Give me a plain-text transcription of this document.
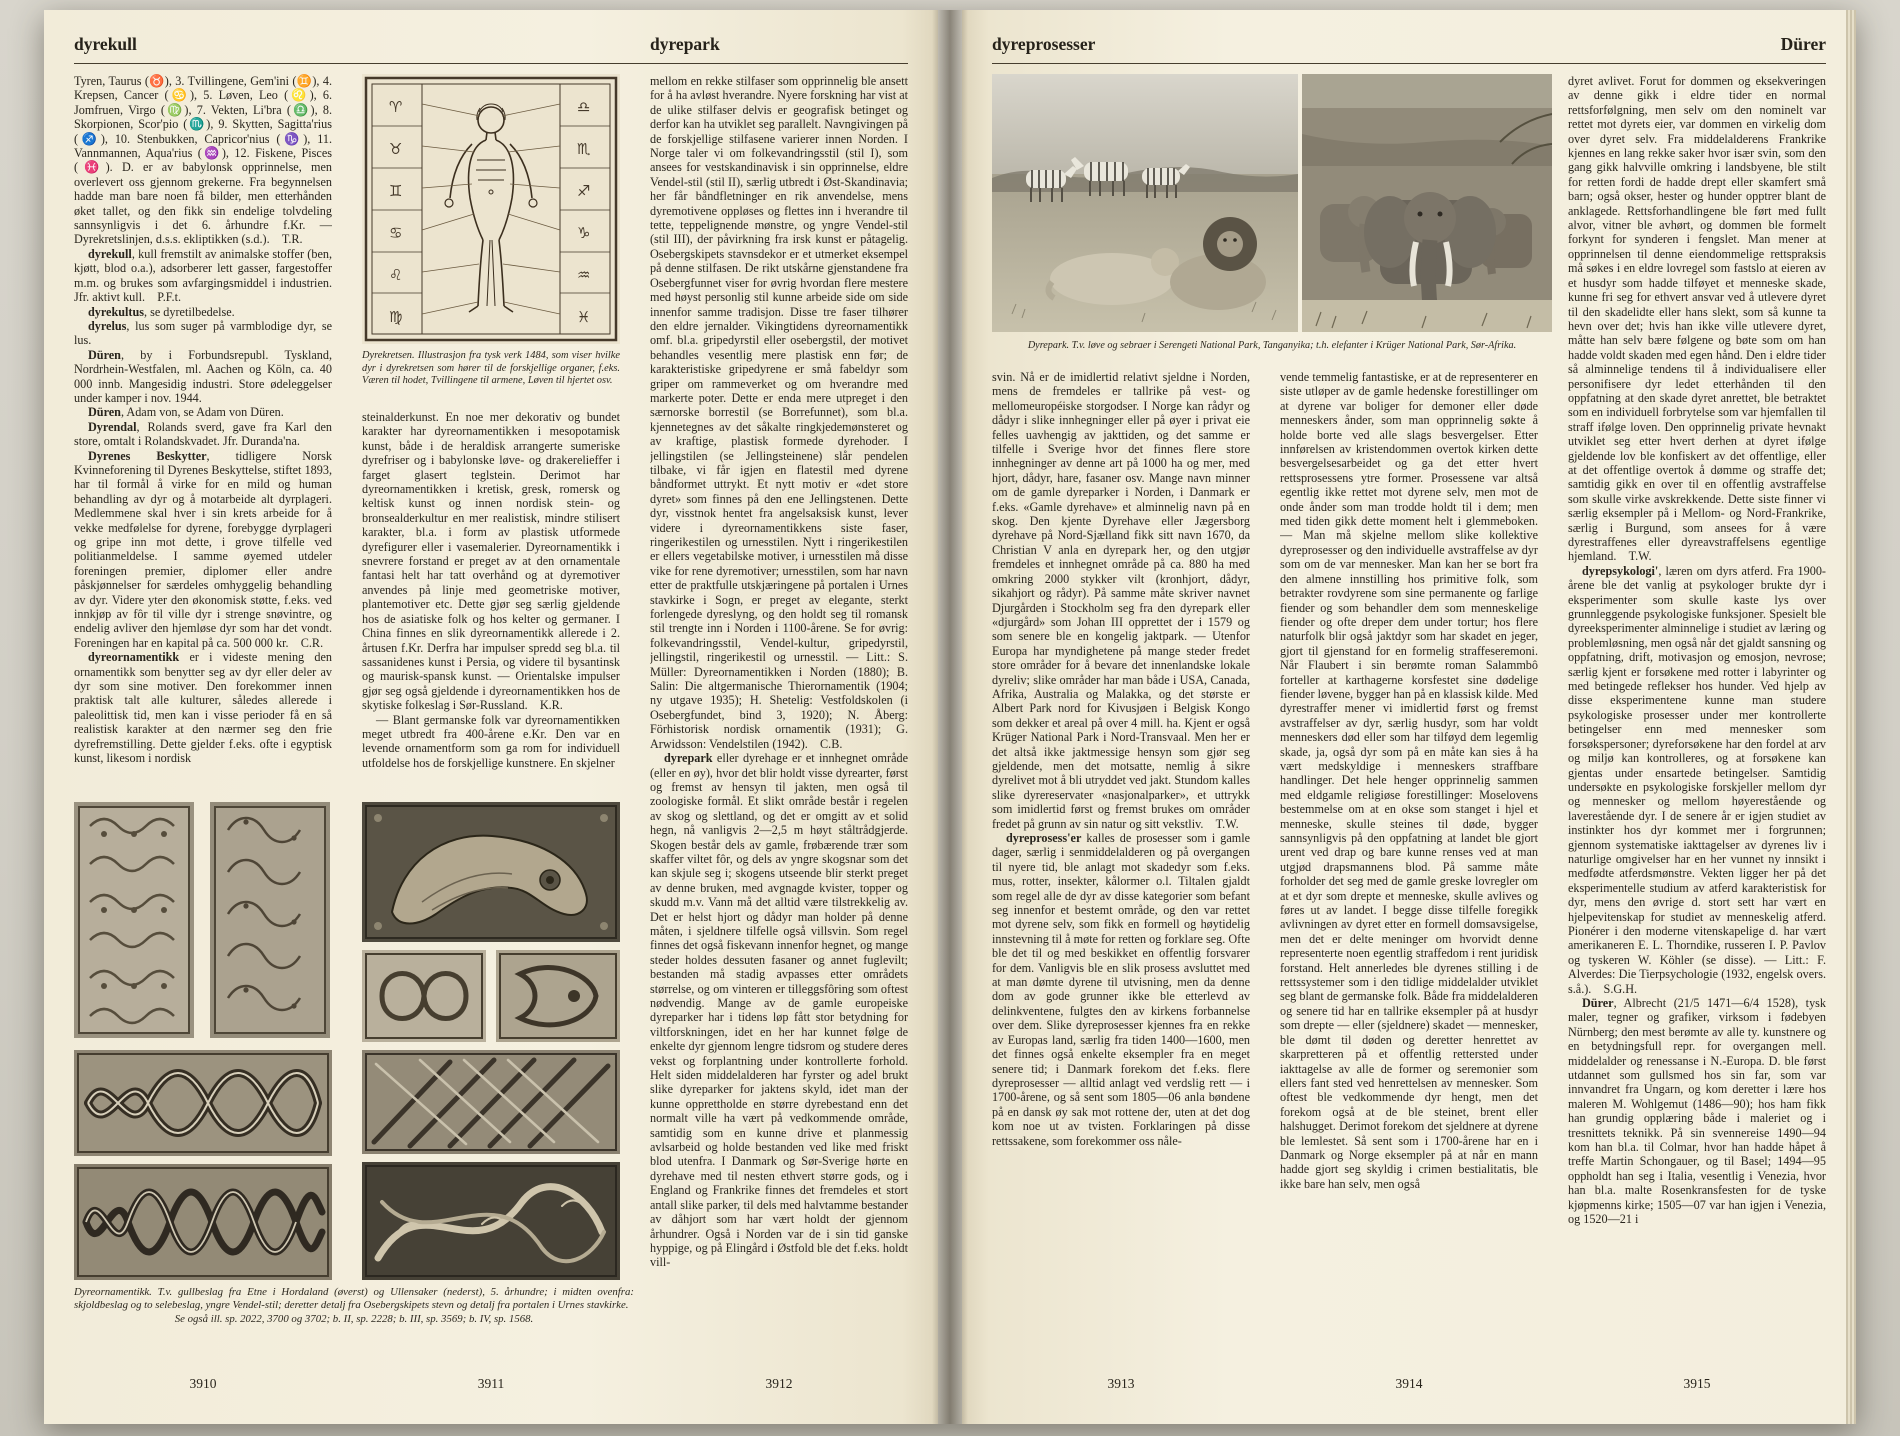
dyrekull	dyrepark

Tyren, Taurus (♉), 3. Tvillingene, Gem'ini (♊), 4. Krepsen, Cancer (♋), 5. Løven, Leo (♌), 6. Jomfruen, Virgo (♍), 7. Vekten, Li'bra (♎), 8. Skorpionen, Scor'pio (♏), 9. Skytten, Sagitta'rius (♐), 10. Stenbukken, Capricor'nius (♑), 11. Vannmannen, Aqua'rius (♒), 12. Fiskene, Pisces (♓). D. er av babylonsk opprinnelse, men overlevert oss gjennom grekerne. Fra begynnelsen hadde man bare noen få bilder, men etterhånden øket tallet, og den fikk sin endelige tolvdeling sannsynligvis i det 6. århundre f.Kr. — Dyrekretslinjen, d.s.s. ekliptikken (s.d.). T.R.

dyrekull, kull fremstilt av animalske stoffer (ben, kjøtt, blod o.a.), adsorberer lett gasser, fargestoffer m.m. og brukes som avfargingsmiddel i industrien. Jfr. aktivt kull. P.F.t.

dyrekultus, se dyretilbedelse.

dyrelus, lus som suger på varmblodige dyr, se lus.

Düren, by i Forbundsrepubl. Tyskland, Nordrhein-Westfalen, ml. Aachen og Köln, ca. 40 000 innb. Mangesidig industri. Store ødeleggelser under kamper i nov. 1944.

Düren, Adam von, se Adam von Düren.

Dyrendal, Rolands sverd, gave fra Karl den store, omtalt i Rolandskvadet. Jfr. Duranda'na.

Dyrenes Beskytter, tidligere Norsk Kvinneforening til Dyrenes Beskyttelse, stiftet 1893, har til formål å virke for en mild og human behandling av dyr og å motarbeide alt dyrplageri. Medlemmene skal hver i sin krets arbeide for å vekke medfølelse for dyrene, forebygge dyrplageri og gripe inn mot dette, i grove tilfelle ved politianmeldelse. I samme øyemed utdeler foreningen premier, diplomer eller andre påskjønnelser for særdeles omhyggelig behandling av dyr. Videre yter den økonomisk støtte, f.eks. ved innkjøp av fôr til ville dyr i strenge snøvintre, og endelig avliver den hjemløse dyr som har det vondt. Foreningen har en kapital på ca. 500 000 kr. C.R.

dyreornamentikk er i videste mening den ornamentikk som benytter seg av dyr eller deler av dyr som sine motiver. Den forekommer innen praktisk talt alle kulturer, således allerede i paleolittisk tid, men kan i visse perioder få en så realistisk karakter at den nærmer seg den frie dyrefremstilling. Dette gjelder f.eks. ofte i egyptisk kunst, likesom i nordisk

♈
♉
♊
♋
♌
♍
♎
♏
♐
♑
♒
♓
Dyrekretsen. Illustrasjon fra tysk verk 1484, som viser hvilke dyr i dyrekretsen som hører til de forskjellige organer, f.eks. Væren til hodet, Tvillingene til armene, Løven til hjertet osv.

steinalderkunst. En noe mer dekorativ og bundet karakter har dyreornamentikken i mesopotamisk kunst, både i de heraldisk arrangerte sumeriske dyrefriser og i babylonske løve- og drakerelieffer i farget glasert teglstein. Derimot har dyreornamentikken i kretisk, gresk, romersk og keltisk kunst og innen nordisk stein- og bronsealderkultur en mer realistisk, mindre stilisert karakter, bl.a. i form av plastisk utformede dyrefigurer eller i vasemalerier. Dyreornamentikk i snevrere forstand er preget av at den ornamentale fantasi helt har tatt overhånd og at dyremotiver anvendes på linje med geometriske motiver, plantemotiver etc. Dette gjør seg særlig gjeldende hos de asiatiske folk og hos kelter og germaner. I China finnes en slik dyreornamentikk allerede i 2. årtusen f.Kr. Derfra har impulser spredd seg bl.a. til sassanidenes kunst i Persia, og videre til bysantinsk og maurisk-spansk kunst. — Orientalske impulser gjør seg også gjeldende i dyreornamentikken hos de skytiske folkeslag i Sør-Russland. K.R.

— Blant germanske folk var dyreornamentikken meget utbredt fra 400-årene e.Kr. Den var en levende ornamentform som ga rom for individuell utfoldelse hos de forskjellige kunstnere. En skjelner

mellom en rekke stilfaser som opprinnelig ble ansett for å ha avløst hverandre. Nyere forskning har vist at de ulike stilfaser delvis er geografisk betinget og derfor kan ha utviklet seg parallelt. Navngivingen på de forskjellige stilfasene varierer innen Norden. I Norge taler vi om folkevandringsstil (stil I), som ansees for vestskandinavisk i sin opprinnelse, eldre Vendel-stil (stil II), særlig utbredt i Øst-Skandinavia; her får båndfletninger en rik anvendelse, mens dyremotivene oppløses og flettes inn i hverandre til tette, teppelignende mønstre, og yngre Vendel-stil (stil III), der påvirkning fra irsk kunst er påtagelig. Osebergskipets stavnsdekor er et utmerket eksempel på denne stilfasen. De rikt utskårne gjenstandene fra Osebergfunnet viser for øvrig hvordan flere mestere med høyst personlig stil kunne arbeide side om side innenfor samme tradisjon. Disse tre faser tilhører den eldre jernalder. Vikingtidens dyreornamentikk omf. bl.a. gripedyrstil eller osebergstil, der motivet behandles vesentlig mere plastisk enn før; de karakteristiske gripedyrene er små fabeldyr som griper om rammeverket og om hverandre med markerte poter. Dette er enda mere utpreget i den særnorske borrestil (se Borrefunnet), som bl.a. kjennetegnes av det såkalte ringkjedemønsteret og av kraftige, plastisk formede dyrehoder. I jellingstilen (se Jellingsteinene) slår pendelen tilbake, vi får igjen en flatestil med dyrene båndformet uttrykt. Et nytt motiv er «det store dyret» som finnes på den ene Jellingstenen. Dette dyr, visstnok hentet fra angelsaksisk kunst, lever videre i dyreornamentikkens siste faser, ringerikestilen og urnesstilen. Nytt i ringerikestilen er ellers vegetabilske motiver, i urnesstilen må disse vike for rene dyremotiver; urnesstilen, som har navn etter de praktfulle utskjæringene på portalen i Urnes stavkirke i Sogn, er preget av elegante, sterkt forlengede dyreslyng, og den holdt seg til romansk stil trengte inn i Norden i 1100-årene. Se for øvrig: folkevandringsstil, Vendel-kultur, gripedyrstil, jellingstil, ringerikestil og urnesstil. — Litt.: S. Müller: Dyreornamentikken i Norden (1880); B. Salin: Die altgermanische Thierornamentik (1904; ny utgave 1935); H. Shetelig: Vestfoldskolen (i Osebergfundet, bind 3, 1920); N. Åberg: Förhistorisk nordisk ornamentik (1931); G. Arwidsson: Vendelstilen (1942). C.B.

dyrepark eller dyrehage er et innhegnet område (eller en øy), hvor det blir holdt visse dyrearter, først og fremst av hensyn til jakten, men også til zoologiske formål. Et slikt område består i regelen av skog og slettland, og det er omgitt av et solid hegn, nå vanligvis 2—2,5 m høyt ståltrådgjerde. Skogen består dels av gamle, frøbærende trær som skaffer viltet fôr, og dels av yngre skogsnar som det kan skjule seg i; skogens utseende blir sterkt preget av denne bruken, med avgnagde kvister, topper og skudd m.v. Vann må det alltid være tilstrekkelig av. Det er helst hjort og dådyr man holder på denne måten, i sjeldnere tilfelle også villsvin. Som regel finnes det også fiskevann innenfor hegnet, og mange steder holdes dessuten fasaner og annet fuglevilt; bestanden må stadig avpasses etter områdets størrelse, og om vinteren er tilleggsfôring som oftest nødvendig. Mange av de gamle europeiske dyreparker har i tidens løp fått stor betydning for viltforskningen, idet en her har kunnet følge de enkelte dyr gjennom lengre tidsrom og studere deres vekst og forplantning under kontrollerte forhold. Helt siden middelalderen har fyrster og adel brukt slike dyreparker for jaktens skyld, idet man der kunne opprettholde en større dyrebestand enn det normalt ville ha vært på vedkommende område, samtidig som en kunne drive et planmessig avlsarbeid og holde bestanden ved like med friskt blod utenfra. I Danmark og Sør-Sverige hørte en dyrehave med til nesten ethvert større gods, og i England og Frankrike finnes det fremdeles et stort antall slike parker, til dels med halvtamme bestander av dåhjort som har vært holdt der gjennom århundrer. Også i Norden var de i sin tid ganske hyppige, og på Elingård i Østfold ble det f.eks. holdt vill-

Dyreornamentikk. T.v. gullbeslag fra Etne i Hordaland (øverst) og Ullensaker (nederst), 5. århundre; i midten ovenfra: skjoldbeslag og to selebeslag, yngre Vendel-stil; deretter detalj fra Osebergskipets stevn og detalj fra portalen i Urnes stavkirke.
Se også ill. sp. 2022, 3700 og 3702; b. II, sp. 2228; b. III, sp. 3569; b. IV, sp. 1568.
3910	3911	3912
dyreprosesser	Dürer
Dyrepark. T.v. løve og sebraer i Serengeti National Park, Tanganyika; t.h. elefanter i Krüger National Park, Sør-Afrika.

svin. Nå er de imidlertid relativt sjeldne i Norden, mens de fremdeles er tallrike på vest- og mellomeuropéiske storgodser. I Norge kan rådyr og dådyr i slike innhegninger eller på øyer i privat eie felles uavhengig av jakttiden, og det samme er tilfelle i Sverige hvor det finnes flere store innhegninger av denne art på 1000 ha og mer, med hjort, dådyr, hare, fasaner osv. Mange navn minner om de gamle dyreparker i Norden, i Danmark er f.eks. «Gamle dyrehave» et alminnelig navn på en skog. Den kjente Dyrehave eller Jægersborg dyrehave på Nord-Sjælland fikk sitt navn 1670, da Christian V anla en dyrepark her, og den utgjør fremdeles et innhegnet område på ca. 880 ha med omkring 2000 stykker vilt (kronhjort, dådyr, sikahjort og rådyr). På samme måte skriver navnet Djurgården i Stockholm seg fra den dyrepark eller «djurgård» som Johan III opprettet der i 1579 og som senere ble en kongelig jaktpark. — Utenfor Europa har myndighetene på mange steder fredet store områder for å bevare det innenlandske lokale dyreliv; slike områder har man både i USA, Canada, Afrika, Australia og Malakka, og det største er Albert Park nord for Kivusjøen i Belgisk Kongo som dekker et areal på over 4 mill. ha. Kjent er også Krüger National Park i Nord-Transvaal. Men her er det altså ikke jaktmessige hensyn som gjør seg gjeldende, men det motsatte, nemlig å sikre dyrelivet mot å bli utryddet ved jakt. Stundom kalles slike dyrereservater «nasjonalparker», et uttrykk som imidlertid først og fremst brukes om områder fredet på grunn av sin natur og sitt vekstliv. T.W.

dyreprosess'er kalles de prosesser som i gamle dager, særlig i senmiddelalderen og på overgangen til nyere tid, ble anlagt mot skadedyr som f.eks. mus, rotter, insekter, kålormer o.l. Tiltalen gjaldt som regel alle de dyr av disse kategorier som befant seg innenfor et bestemt område, og den var rettet mot dyrene selv, som fikk en formell og høytidelig innstevning til å møte for retten og forklare seg. Ofte ble det til og med beskikket en offentlig forsvarer for dem. Vanligvis ble en slik prosess avsluttet med at man dømte dyrene til utvisning, men da denne dom av gode grunner ikke ble etterlevd av delinkventene, fulgtes den av kirkens forbannelse over dem. Slike dyreprosesser kjennes fra en rekke av Europas land, særlig fra tiden 1400—1600, men det finnes også enkelte eksempler fra en meget senere tid; i Danmark forekom det f.eks. flere dyreprosesser — alltid anlagt ved verdslig rett — i 1700-årene, og så sent som 1805—06 anla bøndene på en dansk øy sak mot rottene der, uten at det dog kom noe ut av tvisten. Forklaringen på disse rettssakene, som forekommer oss nåle-

vende temmelig fantastiske, er at de representerer en siste utløper av de gamle hedenske forestillinger om at dyrene var boliger for demoner eller døde menneskers ånder, som man opprinnelig søkte å holde borte ved alle slags besvergelser. Etter innførelsen av kristendommen overtok kirken dette besvergelsesarbeidet og ga det etter hvert rettsprosessens ytre former. Prosessene var altså egentlig ikke rettet mot dyrene selv, men mot de onde ånder som man trodde holdt til i dem; men med tiden gikk dette moment helt i glemmeboken. — Man må skjelne mellom slike kollektive dyreprosesser og den individuelle avstraffelse av dyr som om de var mennesker. Man kan her se bort fra den almene innstilling hos primitive folk, som betrakter rovdyrene som sine permanente og farlige fiender og som behandler dem som menneskelige fiender og ofte dreper dem under tortur; hos flere naturfolk blir også jaktdyr som har skadet en jeger, gjort til gjenstand for en formelig straffeseremoni. Når Flaubert i sin berømte roman Salammbô forteller at karthagerne korsfestet sine dødelige fiender løvene, bygger han på en klassisk kilde. Med dyrestraffer mener vi imidlertid først og fremst avstraffelser av dyr, særlig husdyr, som har voldt menneskers død eller som har tilføyd dem legemlig skade, ja, også dyr som på en måte kan sies å ha vært medskyldige i menneskers straffbare handlinger. Det hele henger opprinnelig sammen med eldgamle religiøse forestillinger: Moselovens bestemmelse om at en okse som stanget i hjel et menneske, skulle steines til døde, bygger sannsynligvis på den oppfatning at landet ble gjort urent ved drap og bare kunne renses ved at man utgjød drapsmannens blod. På samme måte forholder det seg med de gamle greske lovregler om at et dyr som drepte et menneske, skulle avlives og føres ut av landet. I begge disse tilfelle foregikk avlivningen av dyret etter en formell domsavsigelse, men det er delte meninger om hvorvidt denne representerte noen egentlig straffedom i rent juridisk forstand. Helt annerledes ble dyrenes stilling i de rettssystemer som i den tidlige middelalder utviklet seg blant de germanske folk. Både fra middelalderen og senere tid har en tallrike eksempler på at husdyr som drepte — eller (sjeldnere) skadet — mennesker, ble dømt til døden og deretter henrettet av skarpretteren på et offentlig rettersted under iakttagelse av alle de former og seremonier som ellers fant sted ved henrettelsen av mennesker. Som oftest ble vedkommende dyr hengt, men det forekom også at de ble steinet, brent eller halshugget. Derimot forekom det sjeldnere at dyrene ble lemlestet. Så sent som i 1700-årene har en i Danmark og Norge eksempler på at når en mann hadde gjort seg skyldig i crimen bestialitatis, ble ikke bare han selv, men også

dyret avlivet. Forut for dommen og eksekveringen av denne gikk i eldre tider en normal rettsforfølgning, men selv om den nominelt var rettet mot dyrets eier, var dommen en virkelig dom over dyret selv. Fra middelalderens Frankrike kjennes en lang rekke saker hvor især svin, som den gang gikk halvville omkring i landsbyene, ble stilt for retten fordi de hadde drept eller skamfert små barn; også okser, hester og hunder opptrer blant de anklagede. Rettsforhandlingene ble ført med fullt alvor, vitner ble avhørt, og dommen ble formelt forkynt for synderen i fengslet. Man mener at opprinnelsen til denne eiendommelige rettspraksis må søkes i en eldre lovregel som fastslo at eieren av et husdyr som hadde tilføyet et menneske skade, kunne fri seg for ethvert ansvar ved å utlevere dyret til den skadelidte eller hans slekt, som så kunne ta hevn over det; hvis han ikke ville utlevere dyret, måtte han selv bære følgene og bøte som om han hadde voldt skaden med egen hånd. Den i eldre tider så alminnelige tendens til å individualisere eller personifisere dyr ledet etterhånden til den oppfatning at den skade dyret anrettet, ble betraktet som en individuell forbrytelse som var hjemfallen til straff ifølge loven. Den opprinnelig private hevnakt utviklet seg etter hvert derhen at dyret ifølge gjeldende lov ble konfiskert av det offentlige, eller at det offentlige overtok å dømme og straffe det; samtidig gikk en over til en offentlig avstraffelse som skulle virke avskrekkende. Dette siste finner vi særlig eksempler på i Mellom- og Nord-Frankrike, særlig i Burgund, som ansees for å være dyrestraffenes eller dyreavstraffelsens egentlige hjemland. T.W.

dyrepsykologi', læren om dyrs atferd. Fra 1900-årene ble det vanlig at psykologer brukte dyr i eksperimenter som skulle kaste lys over grunnleggende psykologiske funksjoner. Spesielt ble dyreeksperimenter alminnelige i studiet av læring og problemløsning, men også når det gjaldt sansning og oppfatning, drift, motivasjon og emosjon, nevrose; særlig kjent er forsøkene med rotter i labyrinter og med betingede reflekser hos hunder. Ved hjelp av disse eksperimentene kunne man studere psykologiske prosesser under mer kontrollerte betingelser enn med mennesker som forsøkspersoner; dyreforsøkene har den fordel at arv og miljø kan kontrolleres, og at forsøkene kan gjentas under ensartede betingelser. Samtidig undersøkte en psykologiske forskjeller mellom dyr og mennesker og mellom høyerestående og laverestående dyr. I de senere år er igjen studiet av instinkter hos dyr kommet mer i forgrunnen; gjennom systematiske iakttagelser av dyrenes liv i naturlige omgivelser har en her vunnet ny innsikt i medfødte atferdsmønstre. Vekten ligger her på det eksperimentelle studium av atferd karakteristisk for dyr, mens den øvrige d. stort sett har vært en hjelpevitenskap for studiet av menneskelig atferd. Pionérer i den moderne vitenskapelige d. har vært amerikaneren E. L. Thorndike, russeren I. P. Pavlov og tyskeren W. Köhler (se disse). — Litt.: F. Alverdes: Die Tierpsychologie (1932, engelsk overs. s.å.). S.G.H.

Dürer, Albrecht (21/5 1471—6/4 1528), tysk maler, tegner og grafiker, virksom i fødebyen Nürnberg; den mest berømte av alle ty. kunstnere og en betydningsfull repr. for overgangen mell. middelalder og renessanse i N.-Europa. D. ble først utdannet som gullsmed hos sin far, som var innvandret fra Ungarn, og kom deretter i lære hos maleren M. Wohlgemut (1486—90); hos ham fikk han grundig opplæring både i maleriet og i tresnittets teknikk. På sin svennereise 1490—94 kom han bl.a. til Colmar, hvor han hadde håpet å treffe Martin Schongauer, og til Basel; 1494—95 oppholdt han seg i Italia, vesentlig i Venezia, hvor han bl.a. malte Rosenkransfesten for de tyske kjøpmenns kirke; 1505—07 var han igjen i Venezia, og 1520—21 i

3913	3914	3915
